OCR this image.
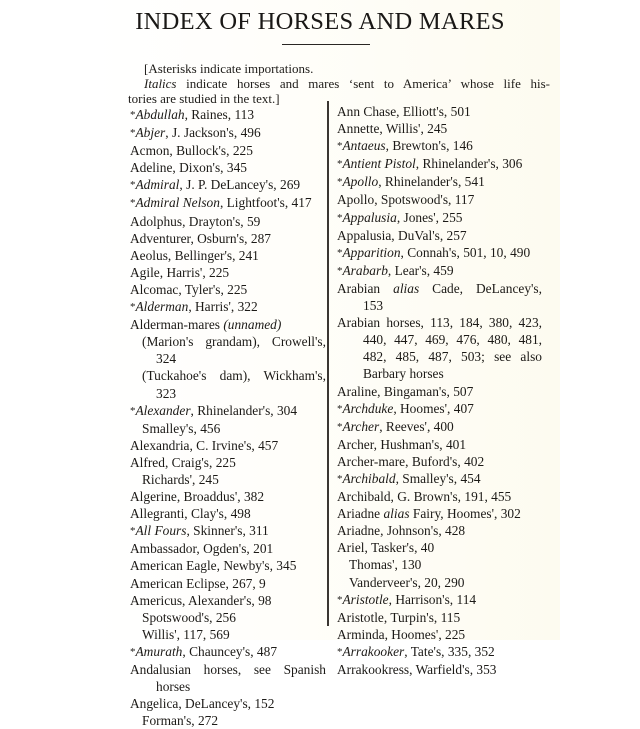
INDEX OF HORSES AND MARES
[Asterisks indicate importations.
Italics indicate horses and mares ‘sent to America’ whose life his-
tories are studied in the text.]
*Abdullah, Raines, 113
*Abjer, J. Jackson's, 496
Acmon, Bullock's, 225
Adeline, Dixon's, 345
*Admiral, J. P. DeLancey's, 269
*Admiral Nelson, Lightfoot's, 417
Adolphus, Drayton's, 59
Adventurer, Osburn's, 287
Aeolus, Bellinger's, 241
Agile, Harris', 225
Alcomac, Tyler's, 225
*Alderman, Harris', 322
Alderman-mares (unnamed)
(Marion's grandam), Crowell's,
324
(Tuckahoe's dam), Wickham's,
323
*Alexander, Rhinelander's, 304
Smalley's, 456
Alexandria, C. Irvine's, 457
Alfred, Craig's, 225
Richards', 245
Algerine, Broaddus', 382
Allegranti, Clay's, 498
*All Fours, Skinner's, 311
Ambassador, Ogden's, 201
American Eagle, Newby's, 345
American Eclipse, 267, 9
Americus, Alexander's, 98
Spotswood's, 256
Willis', 117, 569
*Amurath, Chauncey's, 487
Andalusian horses, see Spanish
horses
Angelica, DeLancey's, 152
Forman's, 272
Ann Chase, Elliott's, 501
Annette, Willis', 245
*Antaeus, Brewton's, 146
*Antient Pistol, Rhinelander's, 306
*Apollo, Rhinelander's, 541
Apollo, Spotswood's, 117
*Appalusia, Jones', 255
Appalusia, DuVal's, 257
*Apparition, Connah's, 501, 10, 490
*Arabarb, Lear's, 459
Arabian alias Cade, DeLancey's,
153
Arabian horses, 113, 184, 380, 423,
440, 447, 469, 476, 480, 481,
482, 485, 487, 503; see also
Barbary horses
Araline, Bingaman's, 507
*Archduke, Hoomes', 407
*Archer, Reeves', 400
Archer, Hushman's, 401
Archer-mare, Buford's, 402
*Archibald, Smalley's, 454
Archibald, G. Brown's, 191, 455
Ariadne alias Fairy, Hoomes', 302
Ariadne, Johnson's, 428
Ariel, Tasker's, 40
Thomas', 130
Vanderveer's, 20, 290
*Aristotle, Harrison's, 114
Aristotle, Turpin's, 115
Arminda, Hoomes', 225
*Arrakooker, Tate's, 335, 352
Arrakookress, Warfield's, 353
